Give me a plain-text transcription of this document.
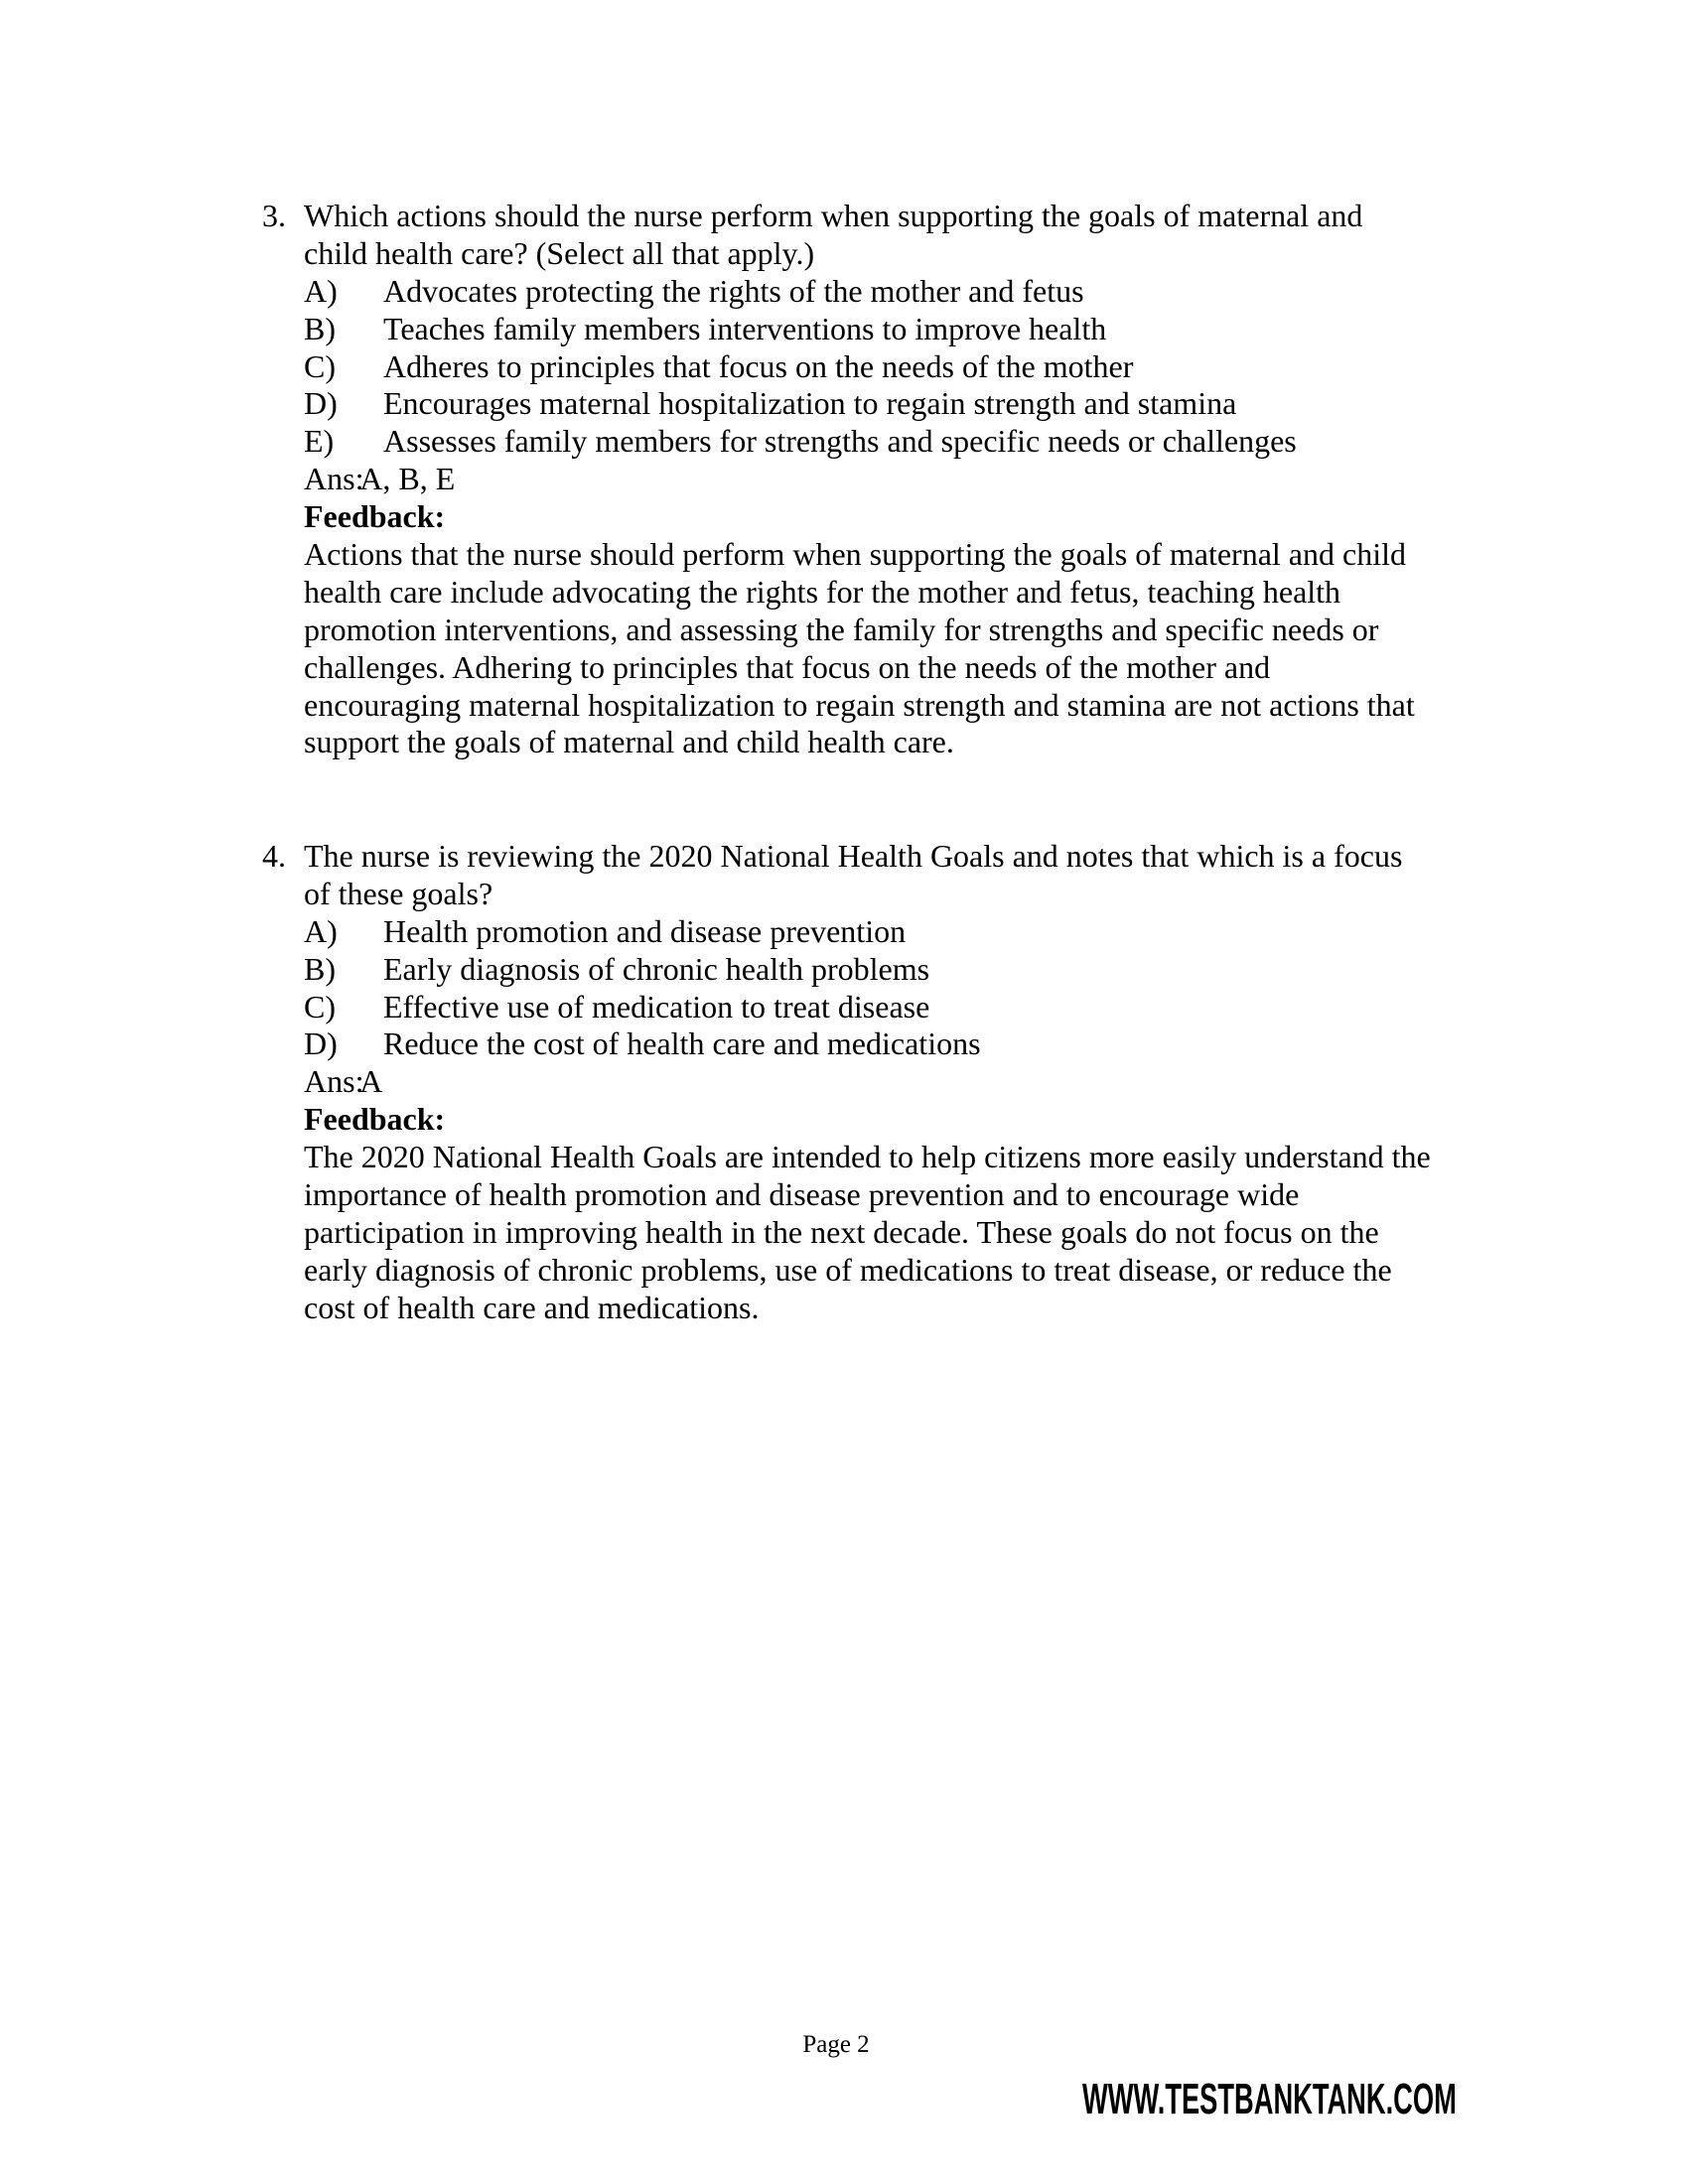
3. Which actions should the nurse perform when supporting the goals of maternal and
child health care? (Select all that apply.)
A) Advocates protecting the rights of the mother and fetus
B) Teaches family members interventions to improve health
C) Adheres to principles that focus on the needs of the mother
D) Encourages maternal hospitalization to regain strength and stamina
E) Assesses family members for strengths and specific needs or challenges
Ans: A, B, E
Feedback:
Actions that the nurse should perform when supporting the goals of maternal and child
health care include advocating the rights for the mother and fetus, teaching health
promotion interventions, and assessing the family for strengths and specific needs or
challenges. Adhering to principles that focus on the needs of the mother and
encouraging maternal hospitalization to regain strength and stamina are not actions that
support the goals of maternal and child health care.
4. The nurse is reviewing the 2020 National Health Goals and notes that which is a focus
of these goals?
A) Health promotion and disease prevention
B) Early diagnosis of chronic health problems
C) Effective use of medication to treat disease
D) Reduce the cost of health care and medications
Ans: A
Feedback:
The 2020 National Health Goals are intended to help citizens more easily understand the
importance of health promotion and disease prevention and to encourage wide
participation in improving health in the next decade. These goals do not focus on the
early diagnosis of chronic problems, use of medications to treat disease, or reduce the
cost of health care and medications.
Page 2
WWW.TESTBANKTANK.COM
